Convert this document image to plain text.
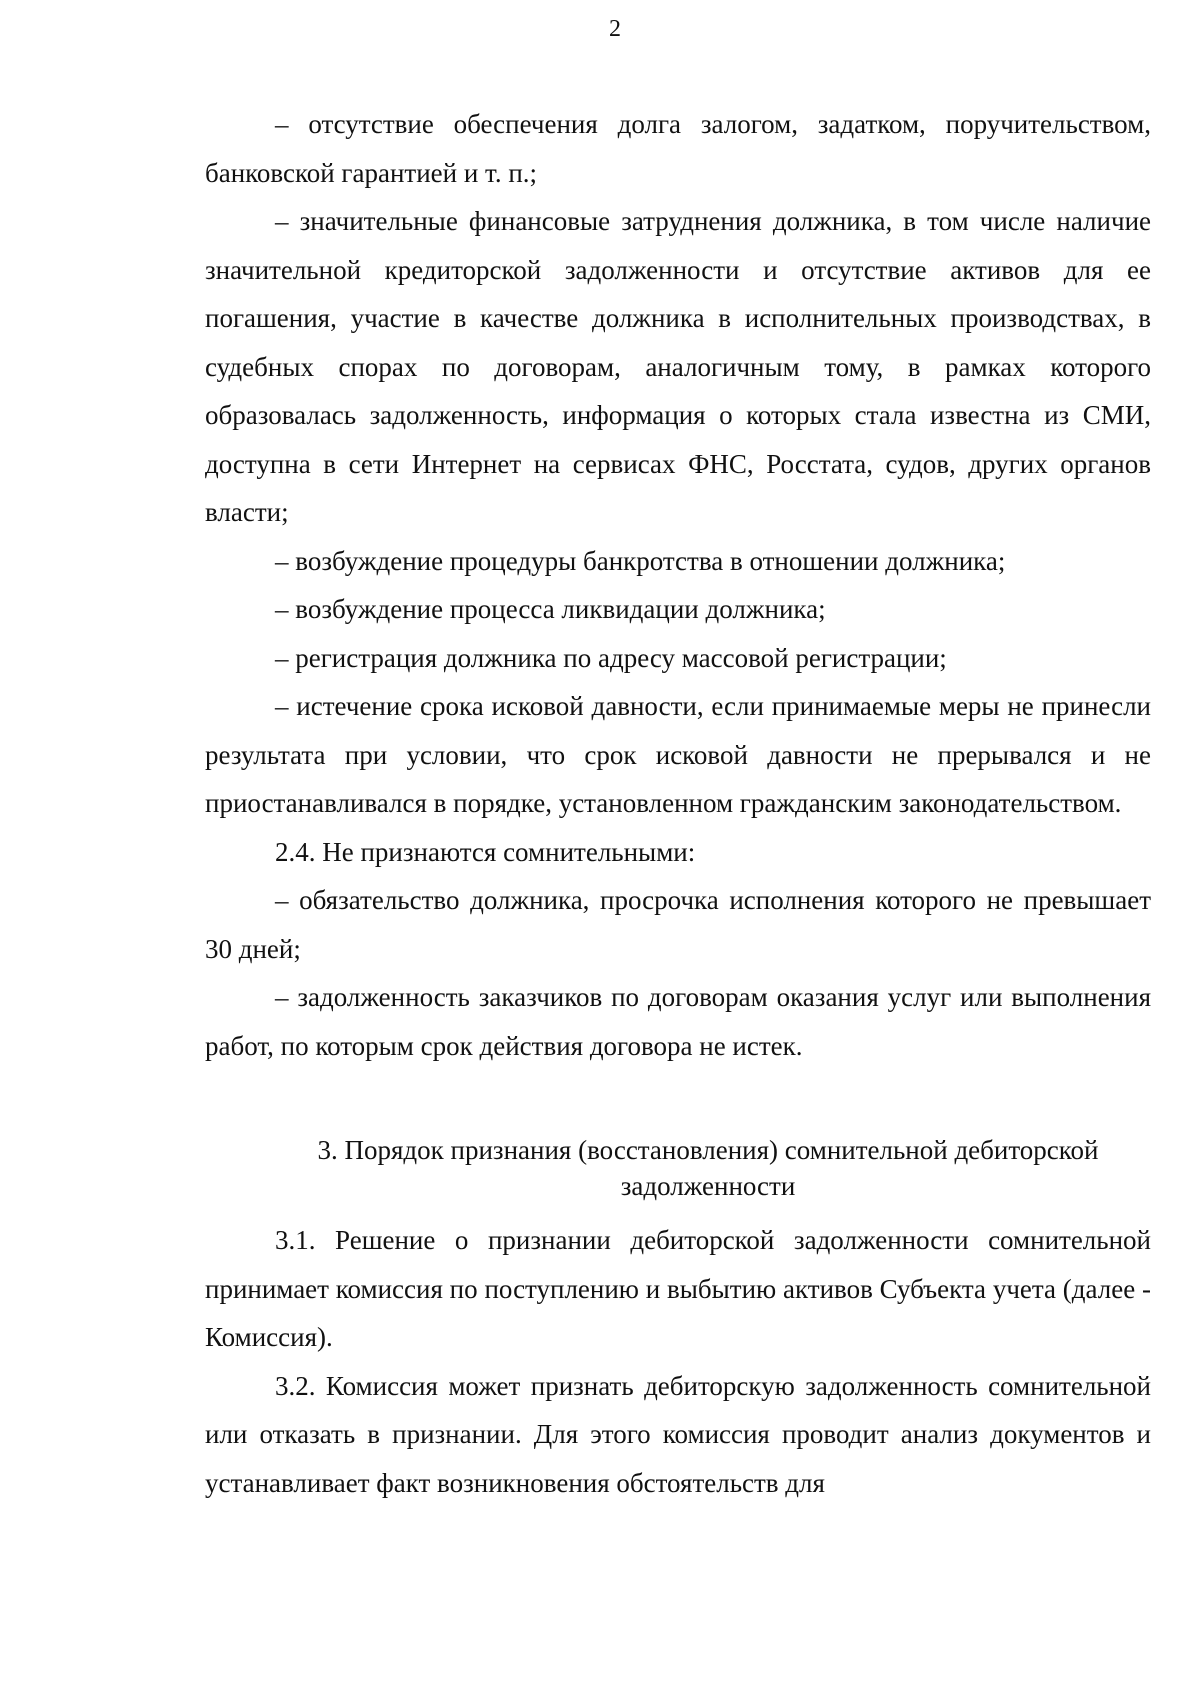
2

– отсутствие обеспечения долга залогом, задатком, поручительством, банковской гарантией и т. п.;

– значительные финансовые затруднения должника, в том числе наличие значительной кредиторской задолженности и отсутствие активов для ее погашения, участие в качестве должника в исполнительных производствах, в судебных спорах по договорам, аналогичным тому, в рамках которого образовалась задолженность, информация о которых стала известна из СМИ, доступна в сети Интернет на сервисах ФНС, Росстата, судов, других органов власти;

– возбуждение процедуры банкротства в отношении должника;

– возбуждение процесса ликвидации должника;

– регистрация должника по адресу массовой регистрации;

– истечение срока исковой давности, если принимаемые меры не принесли результата при условии, что срок исковой давности не прерывался и не приостанавливался в порядке, установленном гражданским законодательством.

2.4. Не признаются сомнительными:

– обязательство должника, просрочка исполнения которого не превышает 30 дней;

– задолженность заказчиков по договорам оказания услуг или выполнения работ, по которым срок действия договора не истек.

3. Порядок признания (восстановления) сомнительной дебиторской
задолженности

3.1. Решение о признании дебиторской задолженности сомнительной принимает комиссия по поступлению и выбытию активов Субъекта учета (далее - Комиссия).

3.2. Комиссия может признать дебиторскую задолженность сомнительной или отказать в признании. Для этого комиссия проводит анализ документов и устанавливает факт возникновения обстоятельств для
